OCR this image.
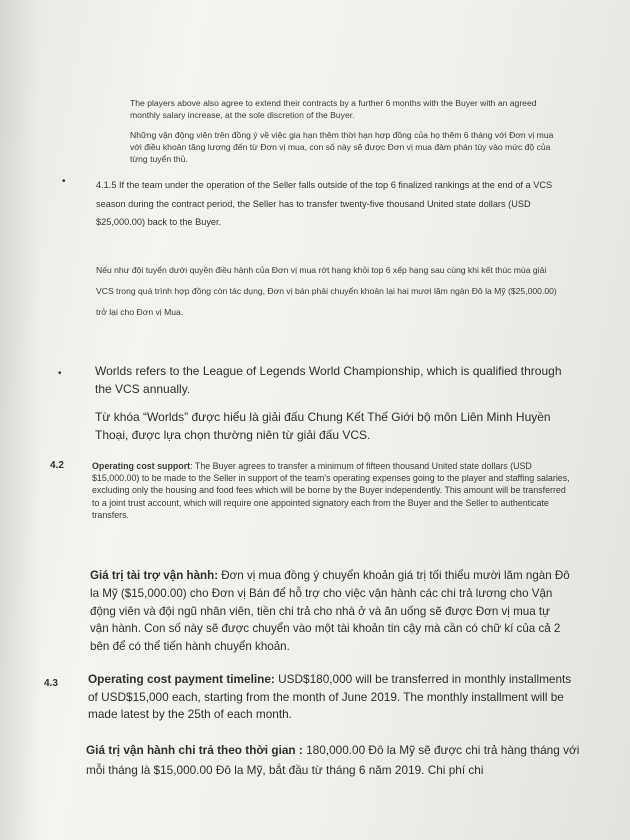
The players above also agree to extend their contracts by a further 6 months with the Buyer with an agreed monthly salary increase, at the sole discretion of the Buyer.

Những vận động viên trên đồng ý về việc gia hạn thêm thời hạn hợp đồng của họ thêm 6 tháng với Đơn vị mua với điều khoản tăng lương đến từ Đơn vị mua, con số này sẽ được Đơn vị mua đàm phán tùy vào mức độ của từng tuyển thủ.

•	4.1.5 If the team under the operation of the Seller falls outside of the top 6 finalized rankings at the end of a VCS season during the contract period, the Seller has to transfer twenty-five thousand United state dollars (USD $25,000.00) back to the Buyer.

Nếu như đội tuyển dưới quyền điều hành của Đơn vị mua rớt hạng khỏi top 6 xếp hạng sau cùng khi kết thúc mùa giải VCS trong quá trình hợp đồng còn tác dụng, Đơn vị bán phải chuyển khoản lại hai mươi lăm ngàn Đô la Mỹ ($25,000.00) trở lại cho Đơn vị Mua.

•	Worlds refers to the League of Legends World Championship, which is qualified through the VCS annually.

Từ khóa “Worlds” được hiểu là giải đấu Chung Kết Thế Giới bộ môn Liên Minh Huyền Thoại, được lựa chọn thường niên từ giải đấu VCS.

4.2	Operating cost support: The Buyer agrees to transfer a minimum of fifteen thousand United state dollars (USD $15,000.00) to be made to the Seller in support of the team's operating expenses going to the player and staffing salaries, excluding only the housing and food fees which will be borne by the Buyer independently. This amount will be transferred to a joint trust account, which will require one appointed signatory each from the Buyer and the Seller to authenticate transfers.

Giá trị tài trợ vận hành: Đơn vị mua đồng ý chuyển khoản giá trị tối thiểu mười lăm ngàn Đô la Mỹ ($15,000.00) cho Đơn vị Bán để hỗ trợ cho việc vận hành các chi trả lương cho Vận động viên và đội ngũ nhân viên, tiền chi trả cho nhà ở và ăn uống sẽ được Đơn vị mua tự vận hành. Con số này sẽ được chuyển vào một tài khoản tin cậy mà cần có chữ kí của cả 2 bên để có thể tiến hành chuyển khoản.

4.3	Operating cost payment timeline: USD$180,000 will be transferred in monthly installments of USD$15,000 each, starting from the month of June 2019. The monthly installment will be made latest by the 25th of each month.

Giá trị vận hành chi trả theo thời gian : 180,000.00 Đô la Mỹ sẽ được chi trả hàng tháng với mỗi tháng là $15,000.00 Đô la Mỹ, bắt đầu từ tháng 6 năm 2019. Chi phí chi
